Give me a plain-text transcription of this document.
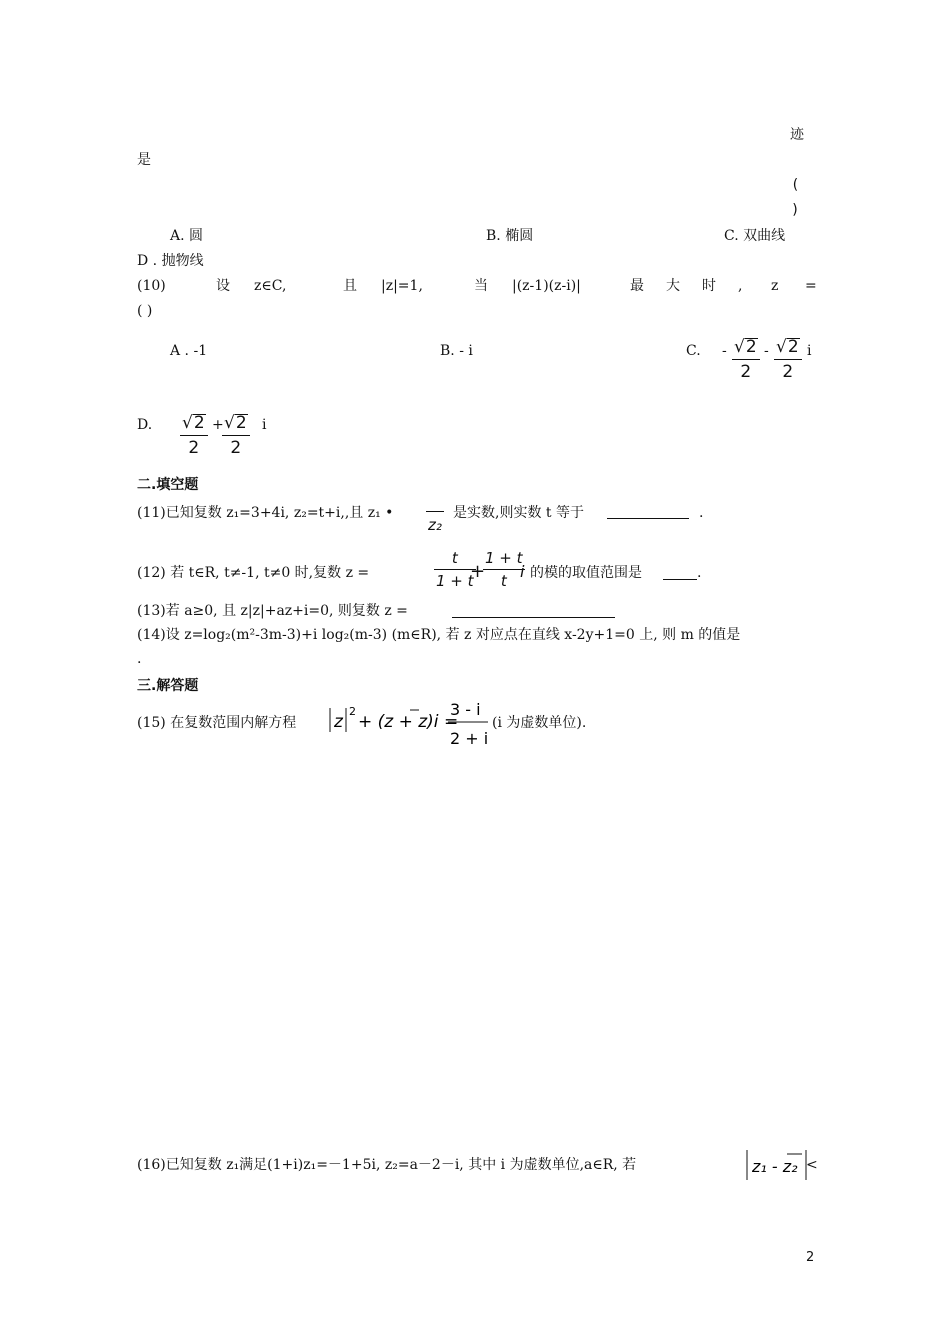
迹
是
(
)
A. 圆	B. 椭圆	C. 双曲线
D . 抛物线
(10)	设 z∈C,	且 |z|=1,	当 |(z-1)(z-i)|	最 大 时 , z =
( )
A . -1	B. - i	C. - √ 2
2
- √ 2
2
i
D. √ 2
2
+ √ 2
2
i
二.填空题
(11)已知复数 z₁=3+4i, z₂=t+i,,且 z₁ •
z₂
是实数,则实数 t 等于	.
(12) 若 t∈R, t≠-1, t≠0 时,复数 z =
t
1 + t
+
1 + t
t i 的模的取值范围是	.
(13)若 a≥0, 且 z|z|+az+i=0, 则复数 z =
(14)设 z=log₂(m²-3m-3)+i log₂(m-3) (m∈R), 若 z 对应点在直线 x-2y+1=0 上, 则 m 的值是
.
三.解答题
(15) 在复数范围内解方程 z
2
+ (z + z)i =
3 - i
2 + i
(i 为虚数单位).
(16)已知复数 z₁满足(1+i)z₁=－1+5i, z₂=a－2－i, 其中 i 为虚数单位,a∈R, 若	z₁ - z₂ <
2
